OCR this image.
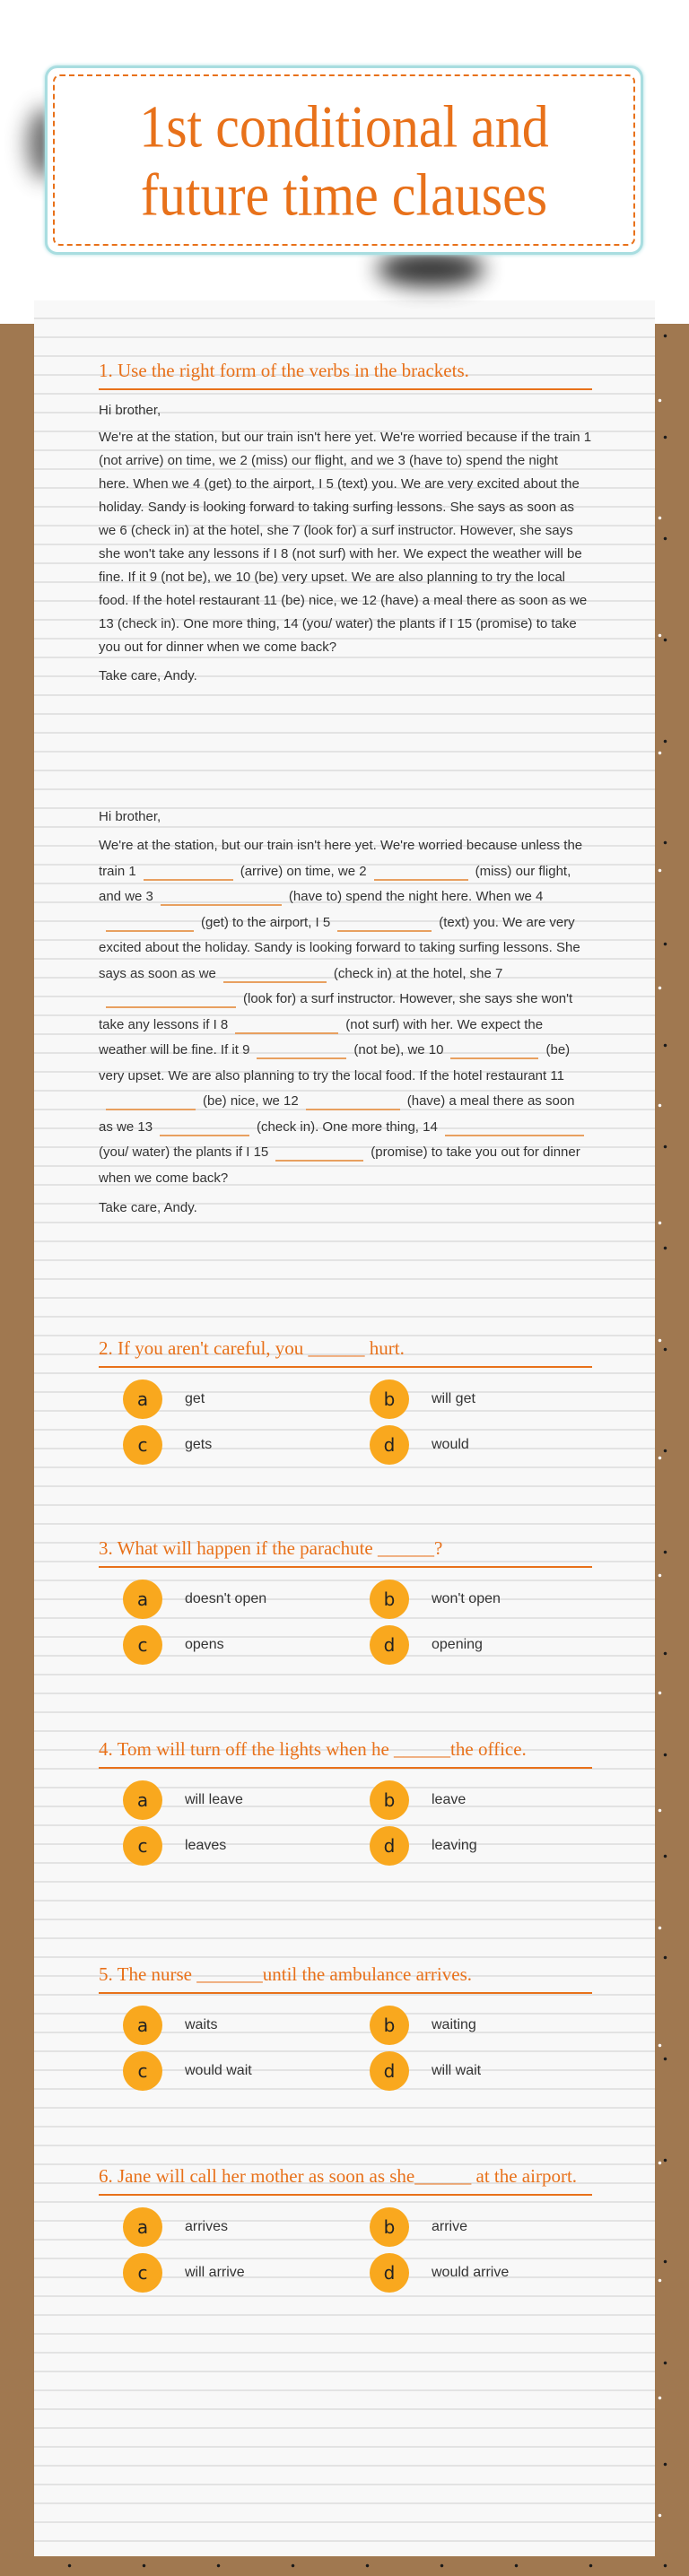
1st conditional and future time clauses
1. Use the right form of the verbs in the brackets.

Hi brother,

We're at the station, but our train isn't here yet. We're worried because if the train 1 (not arrive) on time, we 2 (miss) our flight, and we 3 (have to) spend the night here. When we 4 (get) to the airport, I 5 (text) you. We are very excited about the holiday. Sandy is looking forward to taking surfing lessons. She says as soon as we 6 (check in) at the hotel, she 7 (look for) a surf instructor. However, she says she won't take any lessons if I 8 (not surf) with her. We expect the weather will be fine. If it 9 (not be), we 10 (be) very upset. We are also planning to try the local food. If the hotel restaurant 11 (be) nice, we 12 (have) a meal there as soon as we 13 (check in). One more thing, 14 (you/ water) the plants if I 15 (promise) to take you out for dinner when we come back?

Take care, Andy.

Hi brother,

We're at the station, but our train isn't here yet. We're worried because unless the train 1	(arrive) on time, we 2	(miss) our flight, and we 3	(have to) spend the night here. When we 4(get) to the airport, I 5	(text) you. We are very excited about the holiday. Sandy is looking forward to taking surfing lessons. She says as soon as we	(check in) at the hotel, she 7(look for) a surf instructor. However, she says she won't take any lessons if I 8	(not surf) with her. We expect the weather will be fine. If it 9	(not be), we 10	(be) very upset. We are also planning to try the local food. If the hotel restaurant 11(be) nice, we 12	(have) a meal there as soon as we 13	(check in). One more thing, 14(you/ water) the plants if I 15	(promise) to take you out for dinner when we come back?

Take care, Andy.

2. If you aren't careful, you ______ hurt.
a	get	b	will get
c	gets	d	would
3. What will happen if the parachute ______?
a	doesn't open	b	won't open
c	opens	d	opening
4. Tom will turn off the lights when he ______the office.
a	will leave	b	leave
c	leaves	d	leaving
5. The nurse _______until the ambulance arrives.
a	waits	b	waiting
c	would wait	d	will wait
6. Jane will call her mother as soon as she______ at the airport.
a	arrives	b	arrive
c	will arrive	d	would arrive
